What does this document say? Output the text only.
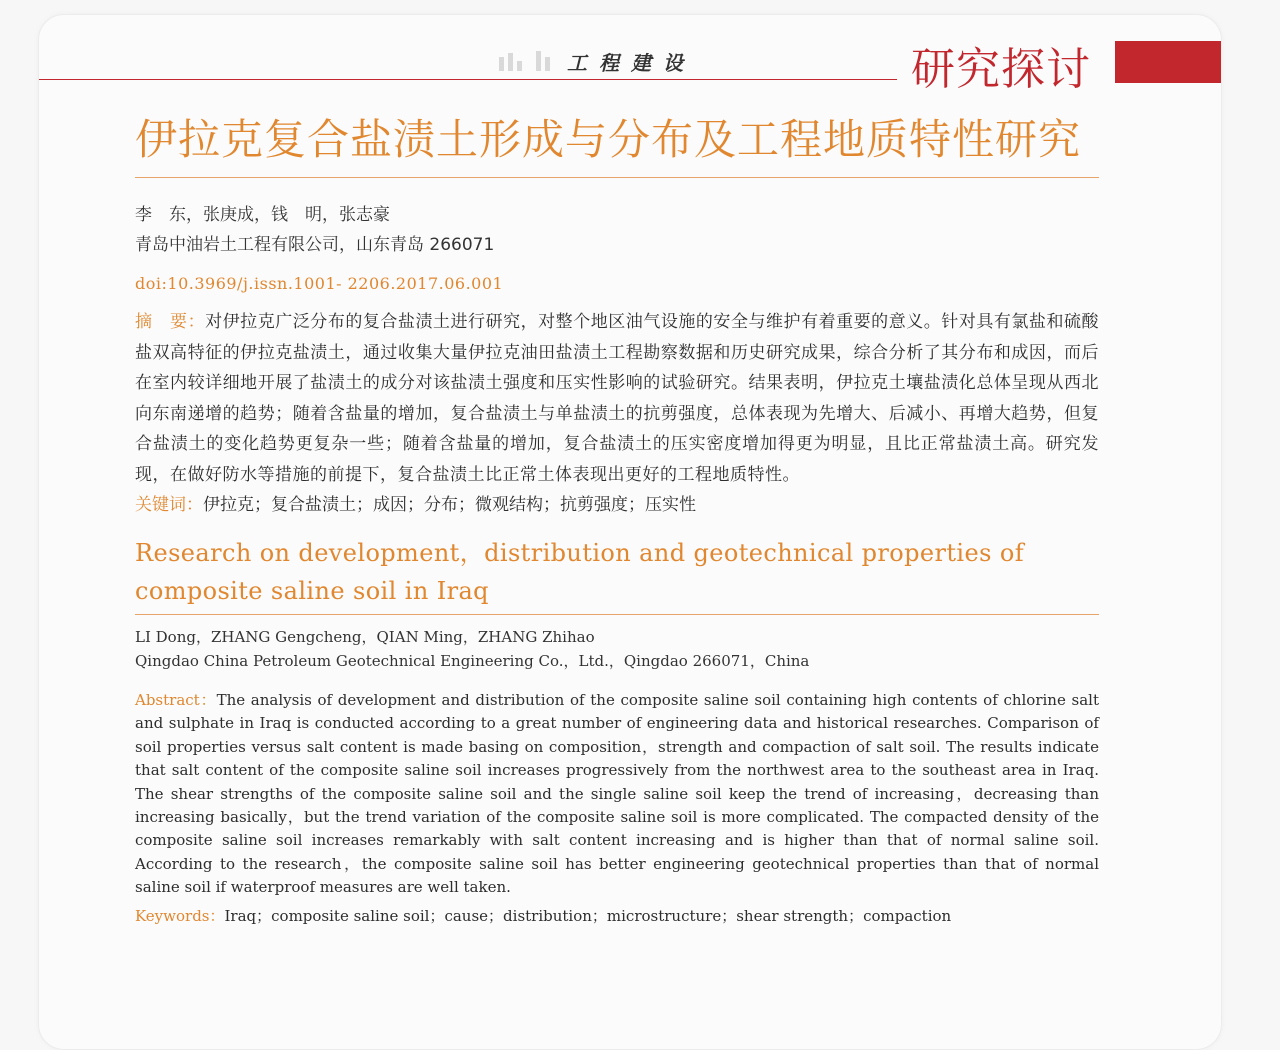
工程建设	研究探讨
伊拉克复合盐渍土形成与分布及工程地质特性研究
李　东，张庚成，钱　明，张志豪
青岛中油岩土工程有限公司，山东青岛 266071
doi:10.3969/j.issn.1001- 2206.2017.06.001
摘　要：对伊拉克广泛分布的复合盐渍土进行研究，对整个地区油气设施的安全与维护有着重要的意义。针对具有氯盐和硫酸盐双高特征的伊拉克盐渍土，通过收集大量伊拉克油田盐渍土工程勘察数据和历史研究成果，综合分析了其分布和成因，而后在室内较详细地开展了盐渍土的成分对该盐渍土强度和压实性影响的试验研究。结果表明，伊拉克土壤盐渍化总体呈现从西北向东南递增的趋势；随着含盐量的增加，复合盐渍土与单盐渍土的抗剪强度，总体表现为先增大、后减小、再增大趋势，但复合盐渍土的变化趋势更复杂一些；随着含盐量的增加，复合盐渍土的压实密度增加得更为明显，且比正常盐渍土高。研究发现，在做好防水等措施的前提下，复合盐渍土比正常土体表现出更好的工程地质特性。
关键词：伊拉克；复合盐渍土；成因；分布；微观结构；抗剪强度；压实性
Research on development，distribution and geotechnical properties of composite saline soil in Iraq
LI Dong，ZHANG Gengcheng，QIAN Ming，ZHANG Zhihao
Qingdao China Petroleum Geotechnical Engineering Co.，Ltd.，Qingdao 266071，China
Abstract：The analysis of development and distribution of the composite saline soil containing high contents of chlorine salt and sulphate in Iraq is conducted according to a great number of engineering data and historical researches. Comparison of soil properties versus salt content is made basing on composition，strength and compaction of salt soil. The results indicate that salt content of the composite saline soil increases progressively from the northwest area to the southeast area in Iraq. The shear strengths of the composite saline soil and the single saline soil keep the trend of increasing，decreasing than increasing basically，but the trend variation of the composite saline soil is more complicated. The compacted density of the composite saline soil increases remarkably with salt content increasing and is higher than that of normal saline soil. According to the research，the composite saline soil has better engineering geotechnical properties than that of normal saline soil if waterproof measures are well taken.
Keywords：Iraq；composite saline soil；cause；distribution；microstructure；shear strength；compaction
